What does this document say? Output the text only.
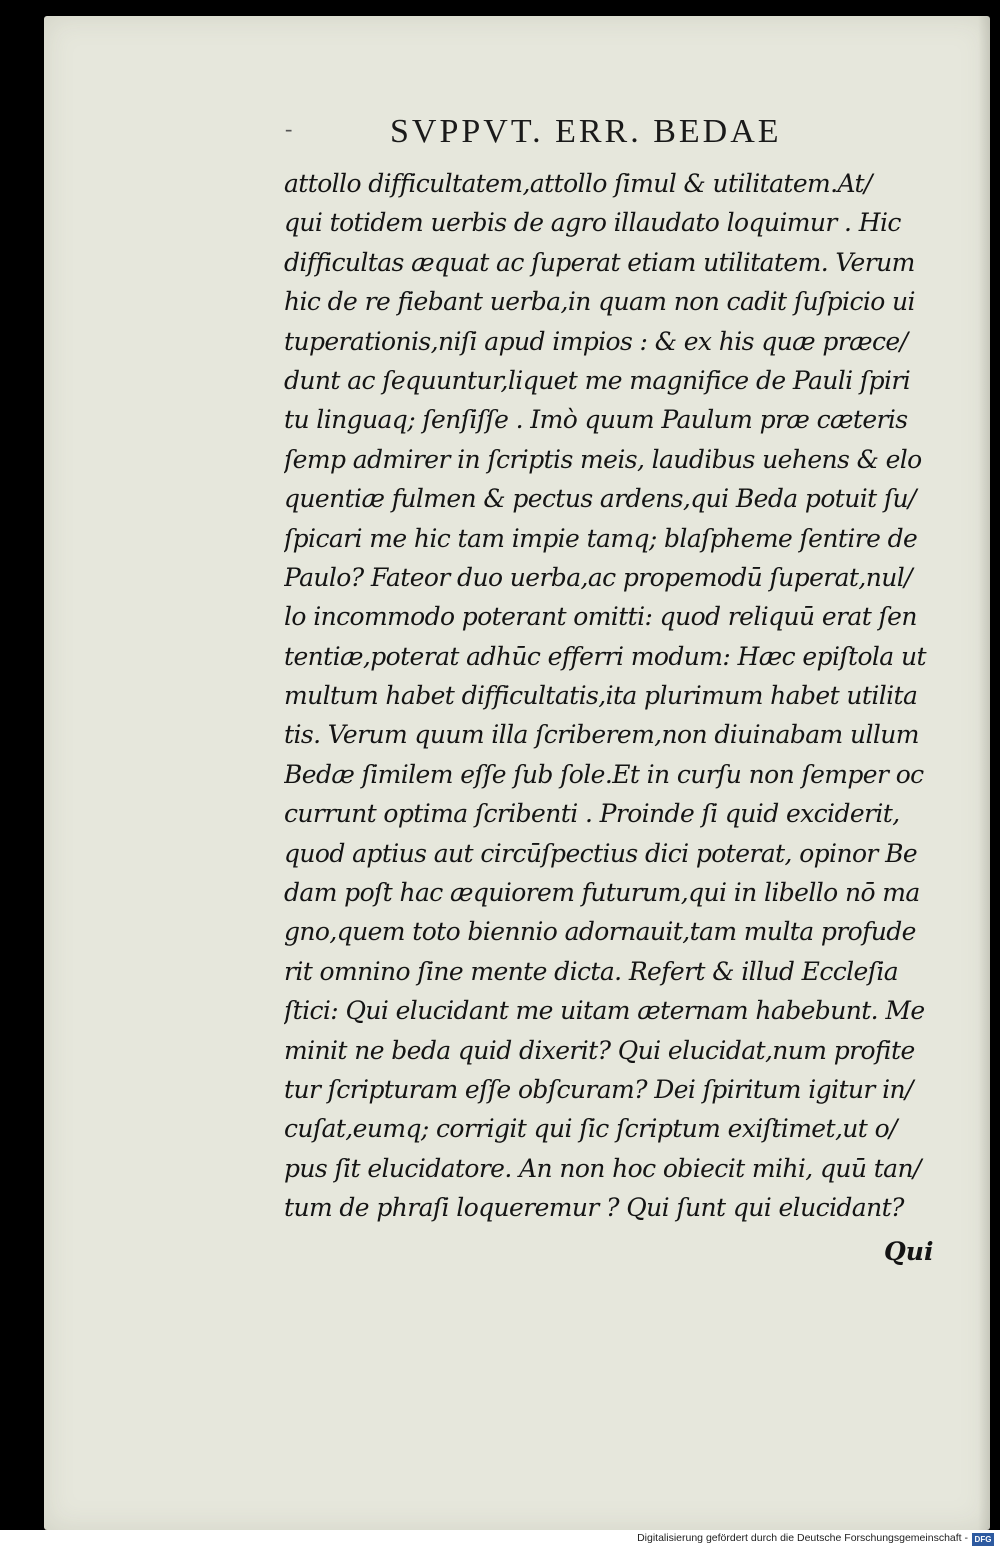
-	SVPPVT. ERR. BEDAE
attollo difficultatem,attollo ſimul & utilitatem.At/
qui totidem uerbis de agro illaudato loquimur . Hic
difficultas æquat ac ſuperat etiam utilitatem. Verum
hic de re fiebant uerba,in quam non cadit ſuſpicio ui
tuperationis,niſi apud impios : & ex his quæ præce/
dunt ac ſequuntur,liquet me magnifice de Pauli ſpiri
tu linguaq; ſenſiſſe . Imò quum Paulum præ cæteris
ſemp admirer in ſcriptis meis, laudibus uehens & elo
quentiæ fulmen & pectus ardens,qui Beda potuit ſu/
ſpicari me hic tam impie tamq; blaſpheme ſentire de
Paulo? Fateor duo uerba,ac propemodū ſuperat,nul/
lo incommodo poterant omitti: quod reliquū erat ſen
tentiæ,poterat adhūc efferri modum: Hæc epiſtola ut
multum habet difficultatis,ita plurimum habet utilita
tis. Verum quum illa ſcriberem,non diuinabam ullum
Bedæ ſimilem eſſe ſub ſole.Et in curſu non ſemper oc
currunt optima ſcribenti . Proinde ſi quid exciderit,
quod aptius aut circūſpectius dici poterat, opinor Be
dam poſt hac æquiorem futurum,qui in libello nō ma
gno,quem toto biennio adornauit,tam multa profude
rit omnino ſine mente dicta. Refert & illud Eccleſia
ſtici: Qui elucidant me uitam æternam habebunt. Me
minit ne beda quid dixerit? Qui elucidat,num profite
tur ſcripturam eſſe obſcuram? Dei ſpiritum igitur in/
cuſat,eumq; corrigit qui ſic ſcriptum exiſtimet,ut o/
pus ſit elucidatore. An non hoc obiecit mihi, quū tan/
tum de phraſi loqueremur ? Qui ſunt qui elucidant?
Qui
Digitalisierung gefördert durch die Deutsche Forschungsgemeinschaft - DFG
